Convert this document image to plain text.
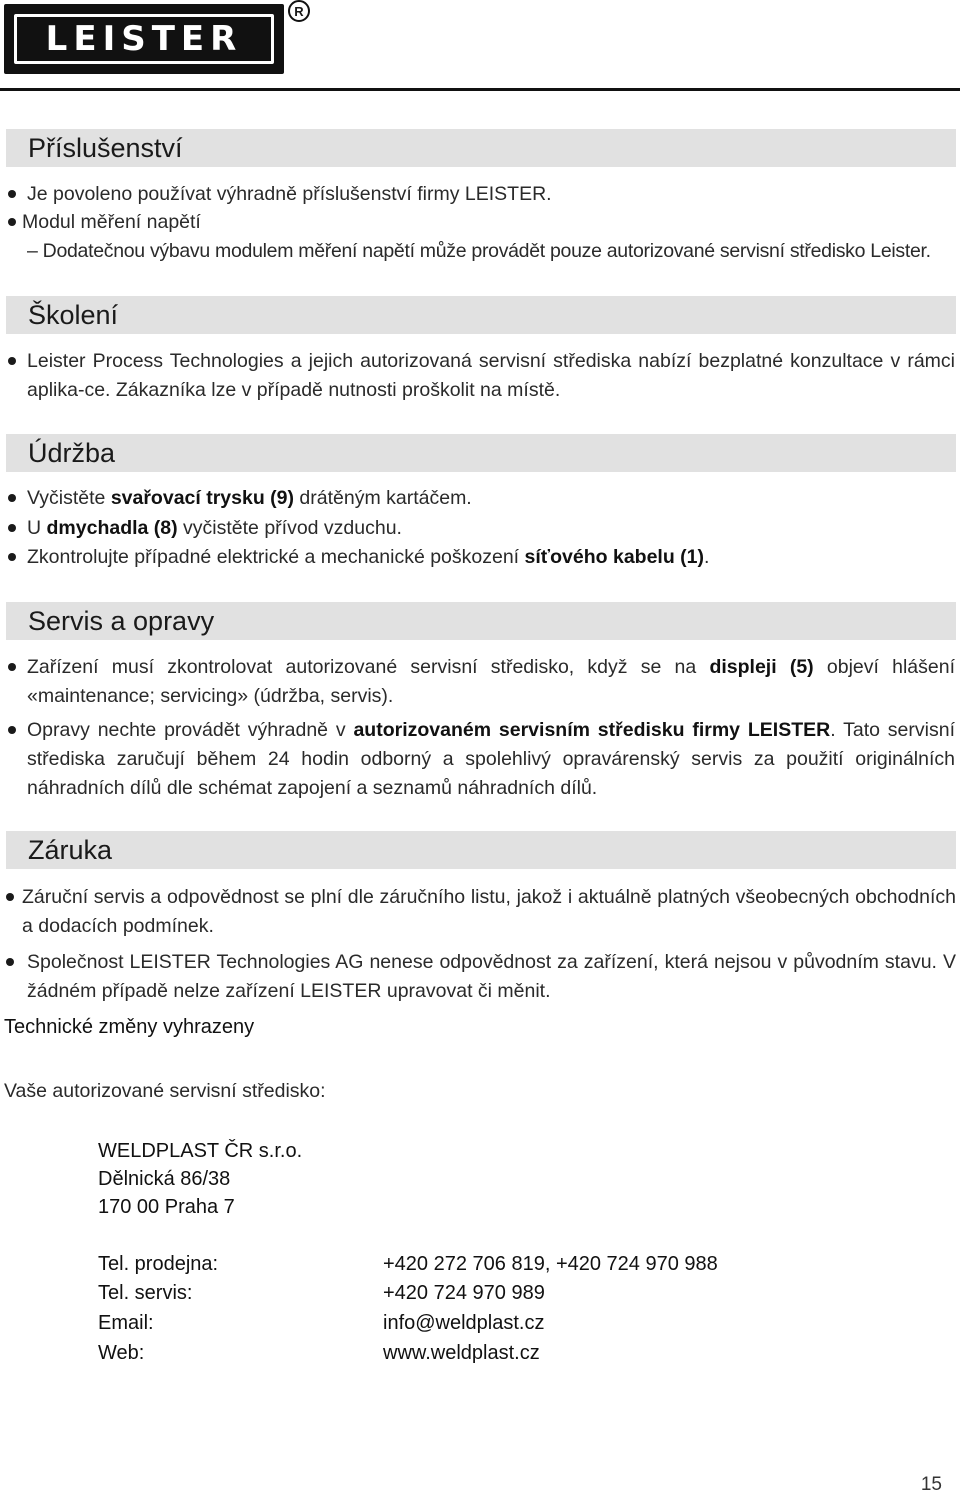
LEISTER
R
Příslušenství
Je povoleno používat výhradně příslušenství firmy LEISTER.
Modul měření napětí
– Dodatečnou výbavu modulem měření napětí může provádět pouze autorizované servisní středisko Leister.
Školení
Leister Process Technologies a jejich autorizovaná servisní střediska nabízí bezplatné konzultace v rámci aplika-ce. Zákazníka lze v případě nutnosti proškolit na místě.
Údržba
Vyčistěte svařovací trysku (9) drátěným kartáčem.
U dmychadla (8) vyčistěte přívod vzduchu.
Zkontrolujte případné elektrické a mechanické poškození síťového kabelu (1).
Servis a opravy
Zařízení musí zkontrolovat autorizované servisní středisko, když se na displeji (5) objeví hlášení «maintenance; servicing» (údržba, servis).
Opravy nechte provádět výhradně v autorizovaném servisním středisku firmy LEISTER. Tato servisní střediska zaručují během 24 hodin odborný a spolehlivý opravárenský servis za použití originálních náhradních dílů dle schémat zapojení a seznamů náhradních dílů.
Záruka
Záruční servis a odpovědnost se plní dle záručního listu, jakož i aktuálně platných všeobecných obchodních a dodacích podmínek.
Společnost LEISTER Technologies AG nenese odpovědnost za zařízení, která nejsou v původním stavu. V žádném případě nelze zařízení LEISTER upravovat či měnit.
Technické změny vyhrazeny
Vaše autorizované servisní středisko:
WELDPLAST ČR s.r.o.
Dělnická 86/38
170 00 Praha 7
Tel. prodejna:	+420 272 706 819, +420 724 970 988
Tel. servis:	+420 724 970 989
Email:	info@weldplast.cz
Web:	www.weldplast.cz
15
